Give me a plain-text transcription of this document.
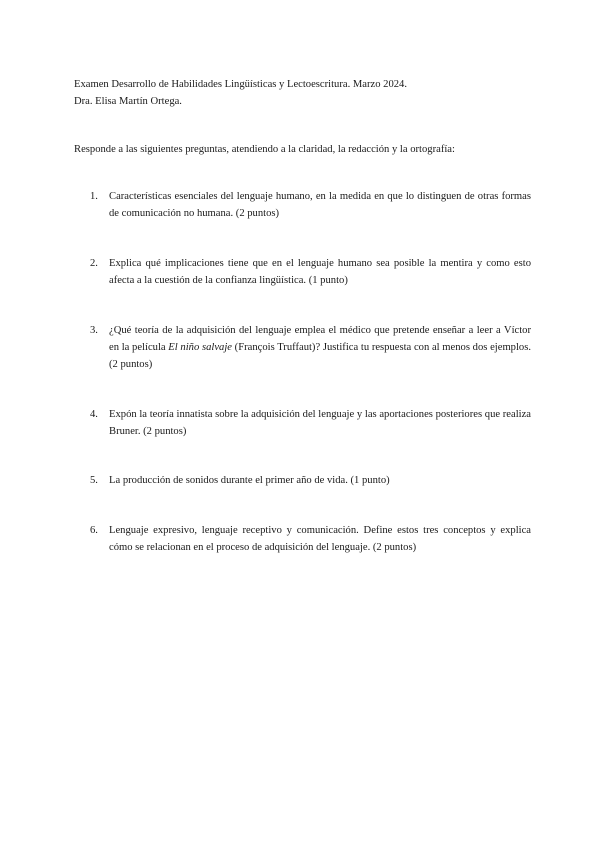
Examen Desarrollo de Habilidades Lingüísticas y Lectoescritura. Marzo 2024.

Dra. Elisa Martín Ortega.

Responde a las siguientes preguntas, atendiendo a la claridad, la redacción y la ortografía:

1. Características esenciales del lenguaje humano, en la medida en que lo distinguen de otras formas de comunicación no humana. (2 puntos)
2. Explica qué implicaciones tiene que en el lenguaje humano sea posible la mentira y como esto afecta a la cuestión de la confianza lingüística. (1 punto)
3. ¿Qué teoría de la adquisición del lenguaje emplea el médico que pretende enseñar a leer a Víctor en la película El niño salvaje (François Truffaut)? Justifica tu respuesta con al menos dos ejemplos. (2 puntos)
4. Expón la teoría innatista sobre la adquisición del lenguaje y las aportaciones posteriores que realiza Bruner. (2 puntos)
5. La producción de sonidos durante el primer año de vida. (1 punto)
6. Lenguaje expresivo, lenguaje receptivo y comunicación. Define estos tres conceptos y explica cómo se relacionan en el proceso de adquisición del lenguaje. (2 puntos)
